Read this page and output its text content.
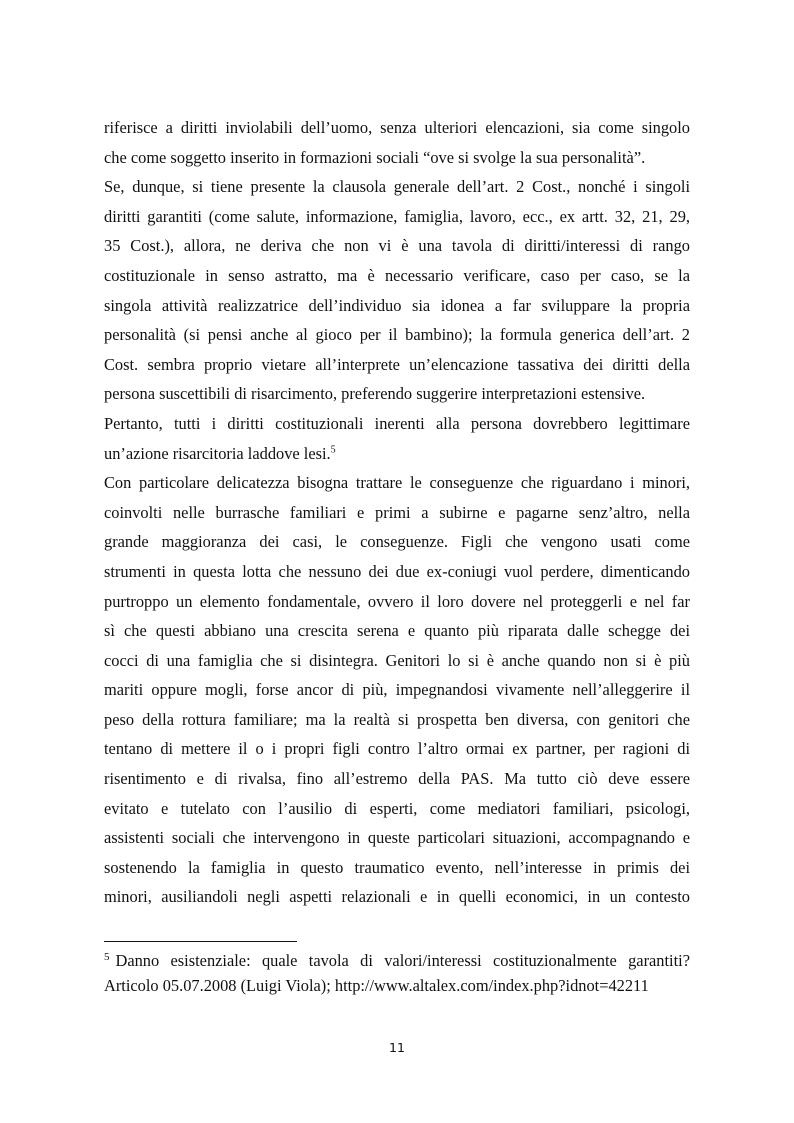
riferisce a diritti inviolabili dell’uomo, senza ulteriori elencazioni, sia come singolo
che come soggetto inserito in formazioni sociali “ove si svolge la sua personalità”.
Se, dunque, si tiene presente la clausola generale dell’art. 2 Cost., nonché i singoli
diritti garantiti (come salute, informazione, famiglia, lavoro, ecc., ex artt. 32, 21, 29,
35 Cost.), allora, ne deriva che non vi è una tavola di diritti/interessi di rango
costituzionale in senso astratto, ma è necessario verificare, caso per caso, se la
singola attività realizzatrice dell’individuo sia idonea a far sviluppare la propria
personalità (si pensi anche al gioco per il bambino); la formula generica dell’art. 2
Cost. sembra proprio vietare all’interprete un’elencazione tassativa dei diritti della
persona suscettibili di risarcimento, preferendo suggerire interpretazioni estensive.
Pertanto, tutti i diritti costituzionali inerenti alla persona dovrebbero legittimare
un’azione risarcitoria laddove lesi.$^5$
Con particolare delicatezza bisogna trattare le conseguenze che riguardano i minori,
coinvolti nelle burrasche familiari e primi a subirne e pagarne senz’altro, nella
grande maggioranza dei casi, le conseguenze. Figli che vengono usati come
strumenti in questa lotta che nessuno dei due ex-coniugi vuol perdere, dimenticando
purtroppo un elemento fondamentale, ovvero il loro dovere nel proteggerli e nel far
sì che questi abbiano una crescita serena e quanto più riparata dalle schegge dei
cocci di una famiglia che si disintegra. Genitori lo si è anche quando non si è più
mariti oppure mogli, forse ancor di più, impegnandosi vivamente nell’alleggerire il
peso della rottura familiare; ma la realtà si prospetta ben diversa, con genitori che
tentano di mettere il o i propri figli contro l’altro ormai ex partner, per ragioni di
risentimento e di rivalsa, fino all’estremo della PAS. Ma tutto ciò deve essere
evitato e tutelato con l’ausilio di esperti, come mediatori familiari, psicologi,
assistenti sociali che intervengono in queste particolari situazioni, accompagnando e
sostenendo la famiglia in questo traumatico evento, nell’interesse in primis dei
minori, ausiliandoli negli aspetti relazionali e in quelli economici, in un contesto
$^5$ Danno esistenziale: quale tavola di valori/interessi costituzionalmente garantiti?
Articolo 05.07.2008 (Luigi Viola); http://www.altalex.com/index.php?idnot=42211
11
